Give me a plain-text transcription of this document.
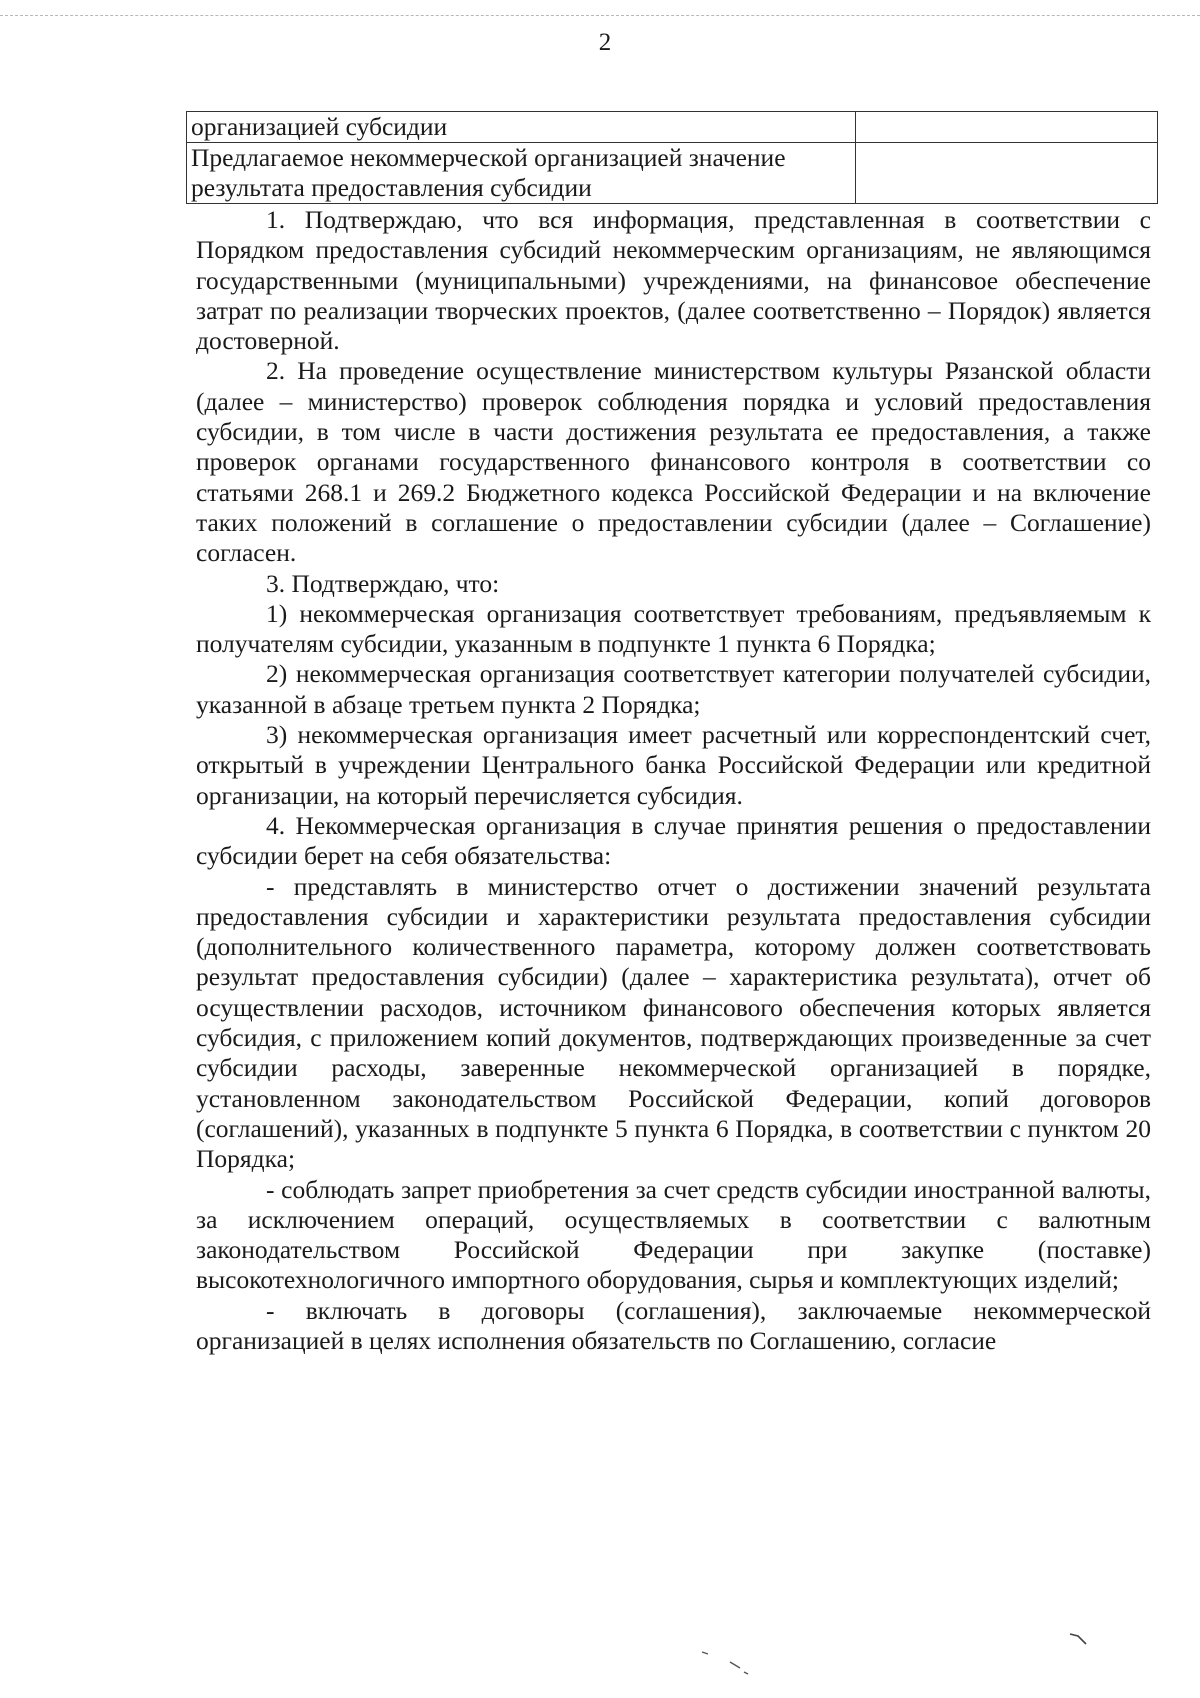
2
организацией субсидии	
Предлагаемое некоммерческой организацией значение результата предоставления субсидии	

1. Подтверждаю, что вся информация, представленная в соответствии с Порядком предоставления субсидий некоммерческим организациям, не являющимся государственными (муниципальными) учреждениями, на финансовое обеспечение затрат по реализации творческих проектов, (далее соответственно – Порядок) является достоверной.

2. На проведение осуществление министерством культуры Рязанской области (далее – министерство) проверок соблюдения порядка и условий предоставления субсидии, в том числе в части достижения результата ее предоставления, а также проверок органами государственного финансового контроля в соответствии со статьями 268.1 и 269.2 Бюджетного кодекса Российской Федерации и на включение таких положений в соглашение о предоставлении субсидии (далее – Соглашение) согласен.

3. Подтверждаю, что:

1) некоммерческая организация соответствует требованиям, предъявляемым к получателям субсидии, указанным в подпункте 1 пункта 6 Порядка;

2) некоммерческая организация соответствует категории получателей субсидии, указанной в абзаце третьем пункта 2 Порядка;

3) некоммерческая организация имеет расчетный или корреспондентский счет, открытый в учреждении Центрального банка Российской Федерации или кредитной организации, на который перечисляется субсидия.

4. Некоммерческая организация в случае принятия решения о предоставлении субсидии берет на себя обязательства:

- представлять в министерство отчет о достижении значений результата предоставления субсидии и характеристики результата предоставления субсидии (дополнительного количественного параметра, которому должен соответствовать результат предоставления субсидии) (далее – характеристика результата), отчет об осуществлении расходов, источником финансового обеспечения которых является субсидия, с приложением копий документов, подтверждающих произведенные за счет субсидии расходы, заверенные некоммерческой организацией в порядке, установленном законодательством Российской Федерации, копий договоров (соглашений), указанных в подпункте 5 пункта 6 Порядка, в соответствии с пунктом 20 Порядка;

- соблюдать запрет приобретения за счет средств субсидии иностранной валюты, за исключением операций, осуществляемых в соответствии с валютным законодательством Российской Федерации при закупке (поставке) высокотехнологичного импортного оборудования, сырья и комплектующих изделий;

- включать в договоры (соглашения), заключаемые некоммерческой организацией в целях исполнения обязательств по Соглашению, согласие
